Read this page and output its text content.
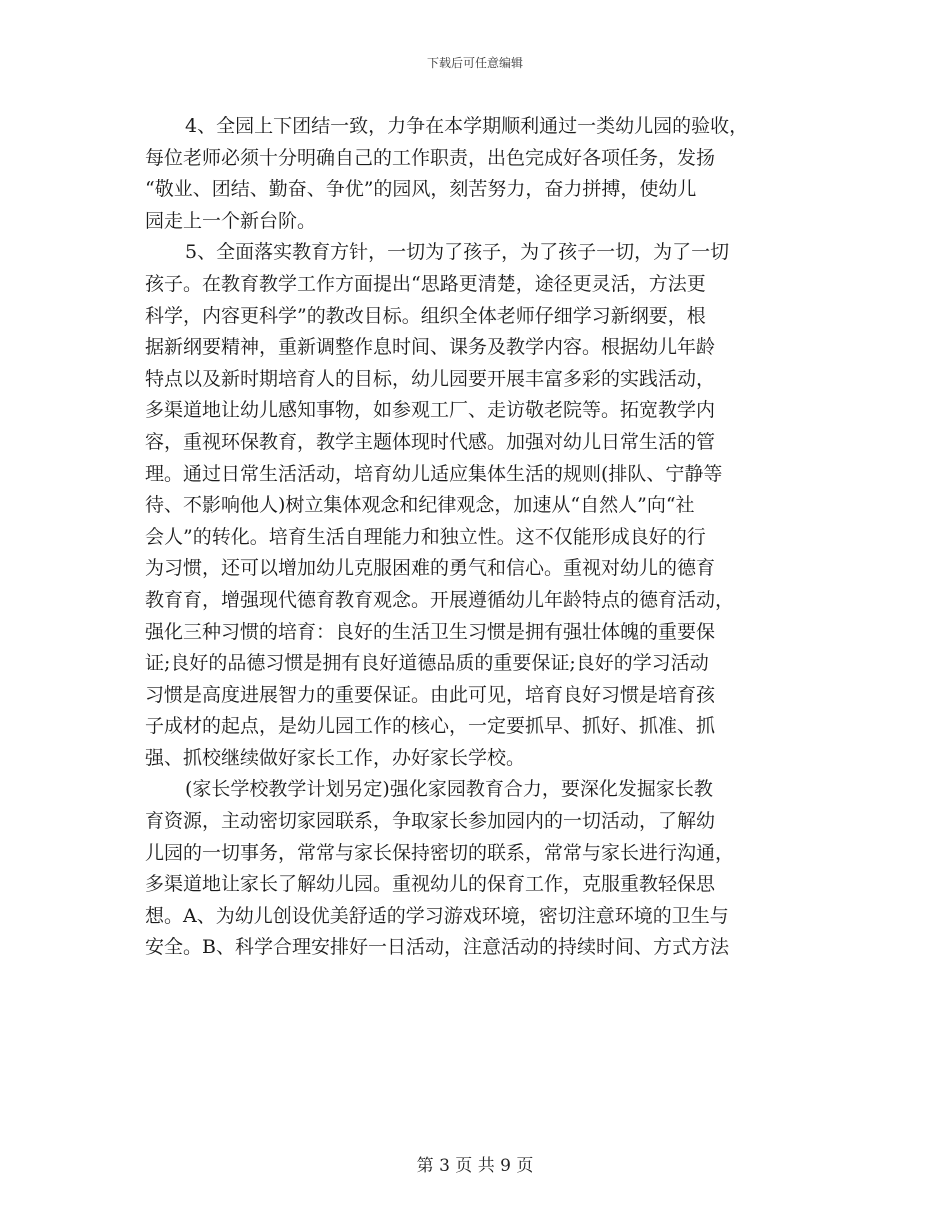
下载后可任意编辑
4、全园上下团结一致，力争在本学期顺利通过一类幼儿园的验收，
每位老师必须十分明确自己的工作职责，出色完成好各项任务，发扬
“敬业、团结、勤奋、争优”的园风，刻苦努力，奋力拼搏，使幼儿
园走上一个新台阶。
5、全面落实教育方针，一切为了孩子，为了孩子一切，为了一切
孩子。在教育教学工作方面提出“思路更清楚，途径更灵活，方法更
科学，内容更科学”的教改目标。组织全体老师仔细学习新纲要，根
据新纲要精神，重新调整作息时间、课务及教学内容。根据幼儿年龄
特点以及新时期培育人的目标，幼儿园要开展丰富多彩的实践活动，
多渠道地让幼儿感知事物，如参观工厂、走访敬老院等。拓宽教学内
容，重视环保教育，教学主题体现时代感。加强对幼儿日常生活的管
理。通过日常生活活动，培育幼儿适应集体生活的规则(排队、宁静等
待、不影响他人)树立集体观念和纪律观念，加速从“自然人”向“社
会人”的转化。培育生活自理能力和独立性。这不仅能形成良好的行
为习惯，还可以增加幼儿克服困难的勇气和信心。重视对幼儿的德育
教育育，增强现代德育教育观念。开展遵循幼儿年龄特点的德育活动，
强化三种习惯的培育：良好的生活卫生习惯是拥有强壮体魄的重要保
证;良好的品德习惯是拥有良好道德品质的重要保证;良好的学习活动
习惯是高度进展智力的重要保证。由此可见，培育良好习惯是培育孩
子成材的起点，是幼儿园工作的核心，一定要抓早、抓好、抓准、抓
强、抓校继续做好家长工作，办好家长学校。
(家长学校教学计划另定)强化家园教育合力，要深化发掘家长教
育资源，主动密切家园联系，争取家长参加园内的一切活动，了解幼
儿园的一切事务，常常与家长保持密切的联系，常常与家长进行沟通，
多渠道地让家长了解幼儿园。重视幼儿的保育工作，克服重教轻保思
想。A、为幼儿创设优美舒适的学习游戏环境，密切注意环境的卫生与
安全。B、科学合理安排好一日活动，注意活动的持续时间、方式方法
第 3 页 共 9 页
